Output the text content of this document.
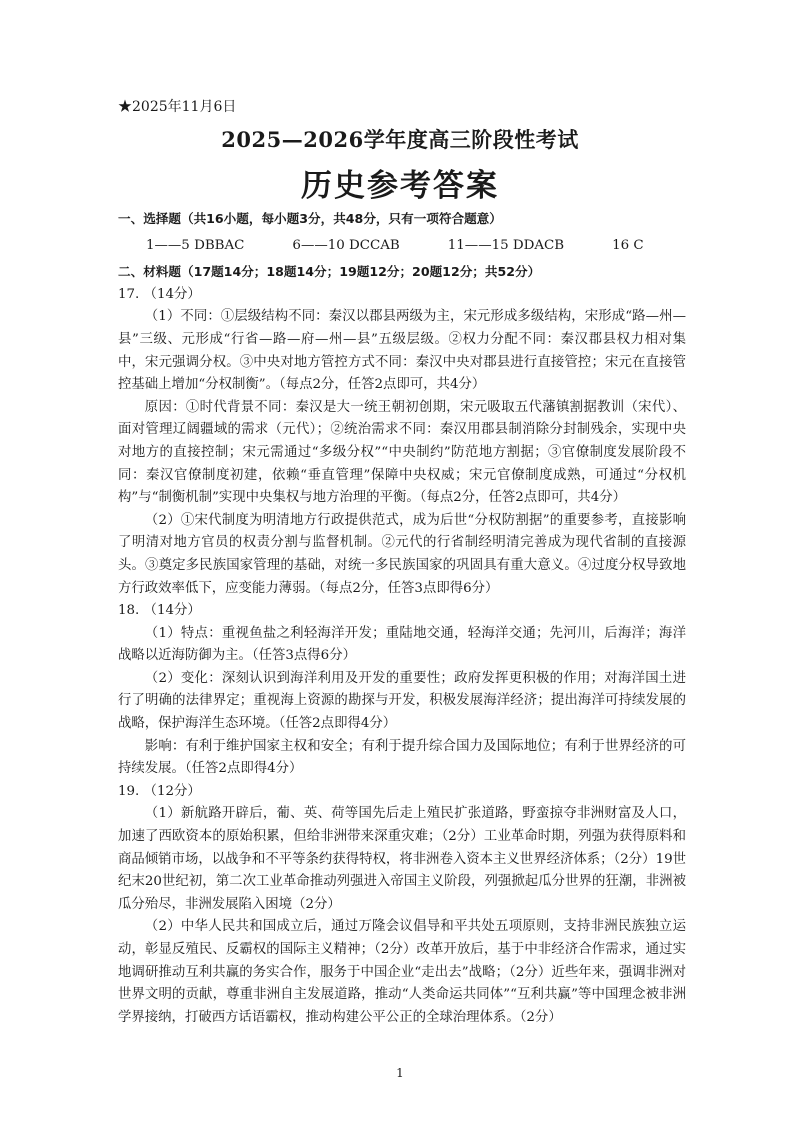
★2025年11月6日
2025—2026学年度高三阶段性考试
历史参考答案

一、选择题（共16小题，每小题3分，共48分，只有一项符合题意）

1——5 DBBAC	6——10 DCCAB	11——15 DDACB	16 C

二、材料题（17题14分；18题14分；19题12分；20题12分；共52分）

17. （14分）

（1）不同：①层级结构不同：秦汉以郡县两级为主，宋元形成多级结构，宋形成“路—州—县”三级、元形成“行省—路—府—州—县”五级层级。②权力分配不同：秦汉郡县权力相对集中，宋元强调分权。③中央对地方管控方式不同：秦汉中央对郡县进行直接管控；宋元在直接管控基础上增加“分权制衡”。（每点2分，任答2点即可，共4分）

原因：①时代背景不同：秦汉是大一统王朝初创期，宋元吸取五代藩镇割据教训（宋代）、面对管理辽阔疆域的需求（元代）；②统治需求不同：秦汉用郡县制消除分封制残余，实现中央对地方的直接控制；宋元需通过“多级分权”“中央制约”防范地方割据；③官僚制度发展阶段不同：秦汉官僚制度初建，依赖“垂直管理”保障中央权威；宋元官僚制度成熟，可通过“分权机构”与“制衡机制”实现中央集权与地方治理的平衡。（每点2分，任答2点即可，共4分）

（2）①宋代制度为明清地方行政提供范式，成为后世“分权防割据”的重要参考，直接影响了明清对地方官员的权责分割与监督机制。②元代的行省制经明清完善成为现代省制的直接源头。③奠定多民族国家管理的基础，对统一多民族国家的巩固具有重大意义。④过度分权导致地方行政效率低下，应变能力薄弱。（每点2分，任答3点即得6分）

18. （14分）

（1）特点：重视鱼盐之利轻海洋开发；重陆地交通，轻海洋交通；先河川，后海洋；海洋战略以近海防御为主。（任答3点得6分）

（2）变化：深刻认识到海洋利用及开发的重要性；政府发挥更积极的作用；对海洋国土进行了明确的法律界定；重视海上资源的勘探与开发，积极发展海洋经济；提出海洋可持续发展的战略，保护海洋生态环境。（任答2点即得4分）

影响：有利于维护国家主权和安全；有利于提升综合国力及国际地位；有利于世界经济的可持续发展。（任答2点即得4分）

19. （12分）

（1）新航路开辟后，葡、英、荷等国先后走上殖民扩张道路，野蛮掠夺非洲财富及人口，加速了西欧资本的原始积累，但给非洲带来深重灾难；（2分）工业革命时期，列强为获得原料和商品倾销市场，以战争和不平等条约获得特权，将非洲卷入资本主义世界经济体系；（2分）19世纪末20世纪初，第二次工业革命推动列强进入帝国主义阶段，列强掀起瓜分世界的狂潮，非洲被瓜分殆尽，非洲发展陷入困境（2分）

（2）中华人民共和国成立后，通过万隆会议倡导和平共处五项原则，支持非洲民族独立运动，彰显反殖民、反霸权的国际主义精神；（2分）改革开放后，基于中非经济合作需求，通过实地调研推动互利共赢的务实合作，服务于中国企业“走出去”战略；（2分）近些年来，强调非洲对世界文明的贡献，尊重非洲自主发展道路，推动“人类命运共同体”“互利共赢”等中国理念被非洲学界接纳，打破西方话语霸权，推动构建公平公正的全球治理体系。（2分）

1
